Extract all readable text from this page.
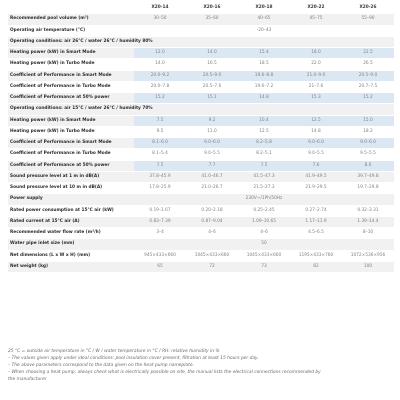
	X20-14	X20-16	X20-18	X20-22	X20-26
Recommended pool volume (m³)	30–50	35–60	40–65	45–75	55–90
Operating air temperature (°C)	-20–43				
Operating conditions: air 26°C / water 26°C / humidity 80%					
Heating power (kW) in Smart Mode	12.0	14.0	15.4	18.0	22.5
Heating power (kW) in Turbo Mode	14.0	16.5	18.5	22.0	26.5
Coefficient of Performance in Smart Mode	20.0–9.2	20.5–9.0	19.6–8.8	21.0–9.0	20.5–9.0
Coefficient of Performance in Turbo Mode	20.0–7.8	20.5–7.6	19.6–7.2	21–7.6	20.7–7.5
Coefficient of Performance at 50% power	15.2	15.1	14.8	15.3	15.2
Operating conditions: air 15°C / water 26°C / humidity 70%					
Heating power (kW) in Smart Mode	7.5	9.2	10.4	12.5	15.0
Heating power (kW) in Turbo Mode	9.5	11.0	12.5	14.8	18.2
Coefficient of Performance in Smart Mode	8.1–6.0	9.0–6.0	8.2–5.8	9.0–6.0	9.0–6.0
Coefficient of Performance in Turbo Mode	8.1–5.4	9.0–5.5	8.2–5.1	9.0–5.5	9.5–5.5
Coefficient of Performance at 50% power	7.5	7.7	7.5	7.6	8.0
Sound pressure level at 1 m in dB(A)	37.8–45.9	41.0–46.7	41.5–47.3	41.9–49.5	39.7–49.8
Sound pressure level at 10 m in dB(A)	17.8–25.9	21.0–26.7	21.5–27.3	21.9–29.5	19.7–29.8
Power supply	230V~/1Ph/50Hz				
Rated power consumption at 15°C air (kW)	0.19–1.67	0.20–2.18	0.25–2.45	0.27–2.74	0.32–3.31
Rated current at 15°C air (A)	0.83–7.39	0.87–9.04	1.09–10.65	1.17–11.9	1.39–14.4
Recommended water flow rate (m³/h)	3–4	4–6	4–6	4.5–6.5	8–10
Water pipe inlet size (mm)	50				
Net dimensions (L x W x H) (mm)	945×433×660	1045×433×660	1045×433×660	1195×433×760	1072×536×956
Net weight (kg)	65	72	73	82	100
25 °C = outside air temperature in °C / W / water temperature in °C / RH: relative humidity in %
– The values given apply under ideal conditions: pool insulation cover present, filtration at least 15 hours per day.
– The above parameters correspond to the data given on the heat pump nameplate.
– When choosing a heat pump, always check what is electrically possible on site, the manual lists the electrical connections recommended by
the manufacturer
